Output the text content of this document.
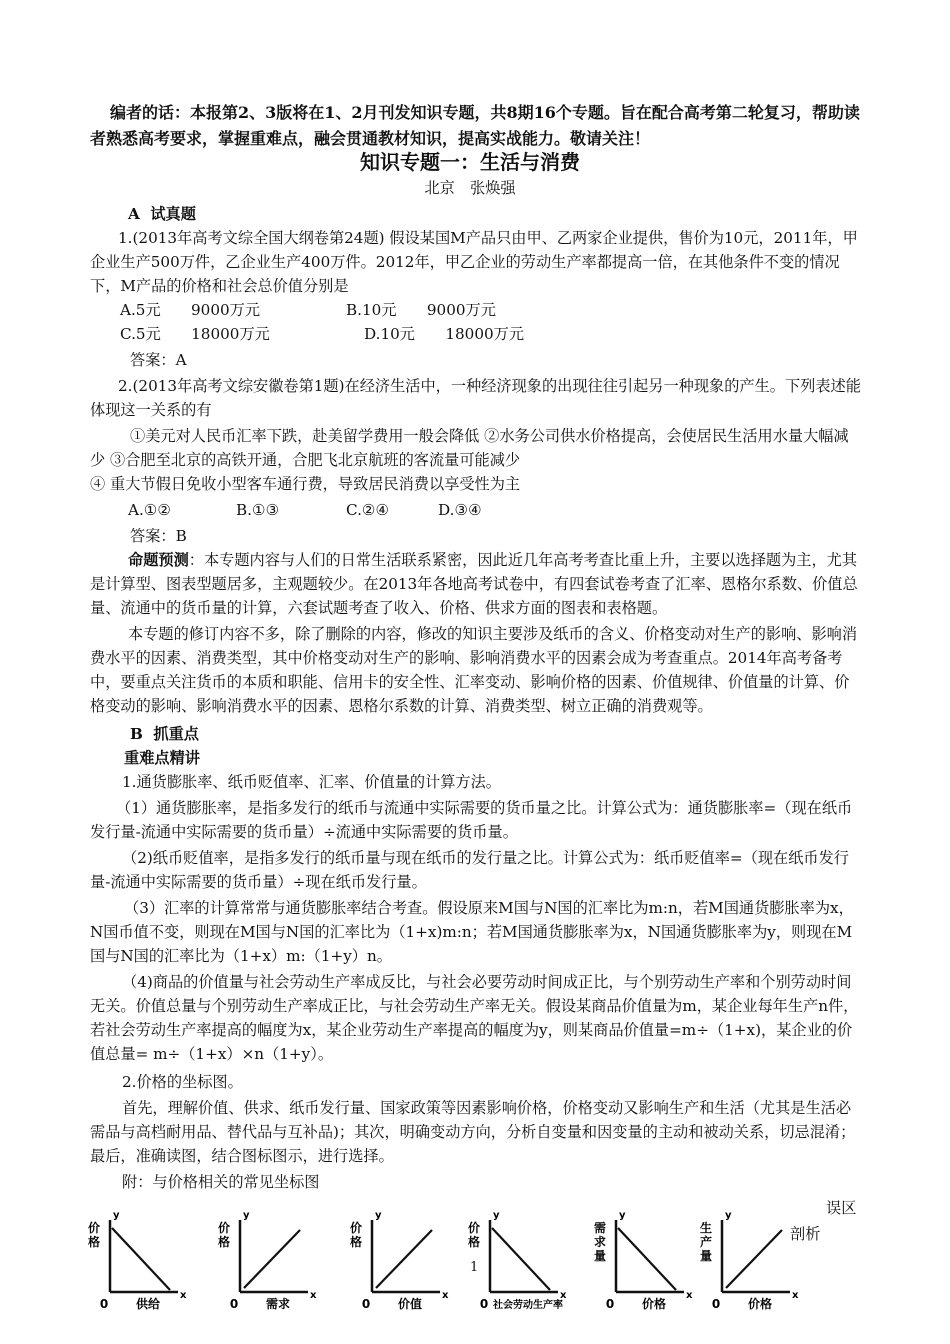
编者的话：本报第2、3版将在1、2月刊发知识专题，共8期16个专题。旨在配合高考第二轮复习，帮助读者熟悉高考要求，掌握重难点，融会贯通教材知识，提高实战能力。敬请关注！

知识专题一：生活与消费

北京　张焕强

A  试真题

1.(2013年高考文综全国大纲卷第24题) 假设某国M产品只由甲、乙两家企业提供，售价为10元，2011年，甲企业生产500万件，乙企业生产400万件。2012年，甲乙企业的劳动生产率都提高一倍，在其他条件不变的情况下，M产品的价格和社会总价值分别是

A.5元　　9000万元	B.10元　　9000万元
C.5元　　18000万元	D.10元　　18000万元
答案：A

2.(2013年高考文综安徽卷第1题)在经济生活中，一种经济现象的出现往往引起另一种现象的产生。下列表述能体现这一关系的有

①美元对人民币汇率下跌，赴美留学费用一般会降低 ②水务公司供水价格提高，会使居民生活用水量大幅减少 ③合肥至北京的高铁开通，合肥飞北京航班的客流量可能减少

④ 重大节假日免收小型客车通行费，导致居民消费以享受性为主

A.①②	B.①③	C.②④	D.③④
答案：B

命题预测：本专题内容与人们的日常生活联系紧密，因此近几年高考考查比重上升，主要以选择题为主，尤其是计算型、图表型题居多，主观题较少。在2013年各地高考试卷中，有四套试卷考查了汇率、恩格尔系数、价值总量、流通中的货币量的计算，六套试题考查了收入、价格、供求方面的图表和表格题。

本专题的修订内容不多，除了删除的内容，修改的知识主要涉及纸币的含义、价格变动对生产的影响、影响消费水平的因素、消费类型，其中价格变动对生产的影响、影响消费水平的因素会成为考查重点。2014年高考备考中，要重点关注货币的本质和职能、信用卡的安全性、汇率变动、影响价格的因素、价值规律、价值量的计算、价格变动的影响、影响消费水平的因素、恩格尔系数的计算、消费类型、树立正确的消费观等。

B  抓重点

重难点精讲

1.通货膨胀率、纸币贬值率、汇率、价值量的计算方法。

（1）通货膨胀率，是指多发行的纸币与流通中实际需要的货币量之比。计算公式为：通货膨胀率=（现在纸币发行量-流通中实际需要的货币量）÷流通中实际需要的货币量。

（2)纸币贬值率，是指多发行的纸币量与现在纸币的发行量之比。计算公式为：纸币贬值率=（现在纸币发行量-流通中实际需要的货币量）÷现在纸币发行量。

（3）汇率的计算常常与通货膨胀率结合考查。假设原来M国与N国的汇率比为m:n，若M国通货膨胀率为x，N国币值不变，则现在M国与N国的汇率比为（1+x)m:n；若M国通货膨胀率为x，N国通货膨胀率为y，则现在M国与N国的汇率比为（1+x）m:（1+y）n。

（4)商品的价值量与社会劳动生产率成反比，与社会必要劳动时间成正比，与个别劳动生产率和个别劳动时间无关。价值总量与个别劳动生产率成正比，与社会劳动生产率无关。假设某商品价值量为m，某企业每年生产n件，若社会劳动生产率提高的幅度为x，某企业劳动生产率提高的幅度为y，则某商品价值量=m÷（1+x)，某企业的价值总量= m÷（1+x）×n（1+y）。

2.价格的坐标图。

首先，理解价值、供求、纸币发行量、国家政策等因素影响价格，价格变动又影响生产和生活（尤其是生活必需品与高档耐用品、替代品与互补品)；其次，明确变动方向，分析自变量和因变量的主动和被动关系，切忌混淆；最后，准确读图，结合图标图示，进行选择。

附：与价格相关的常见坐标图

误区
剖析
1
价
格
y
0 供给
x
价
格
y
0 需求
x
价
格
y
0 价值
x
价
格
y
0 社会劳动生产率
x
需
求
量
y
0 价格
x
生
产
量
y
0 价格
x
